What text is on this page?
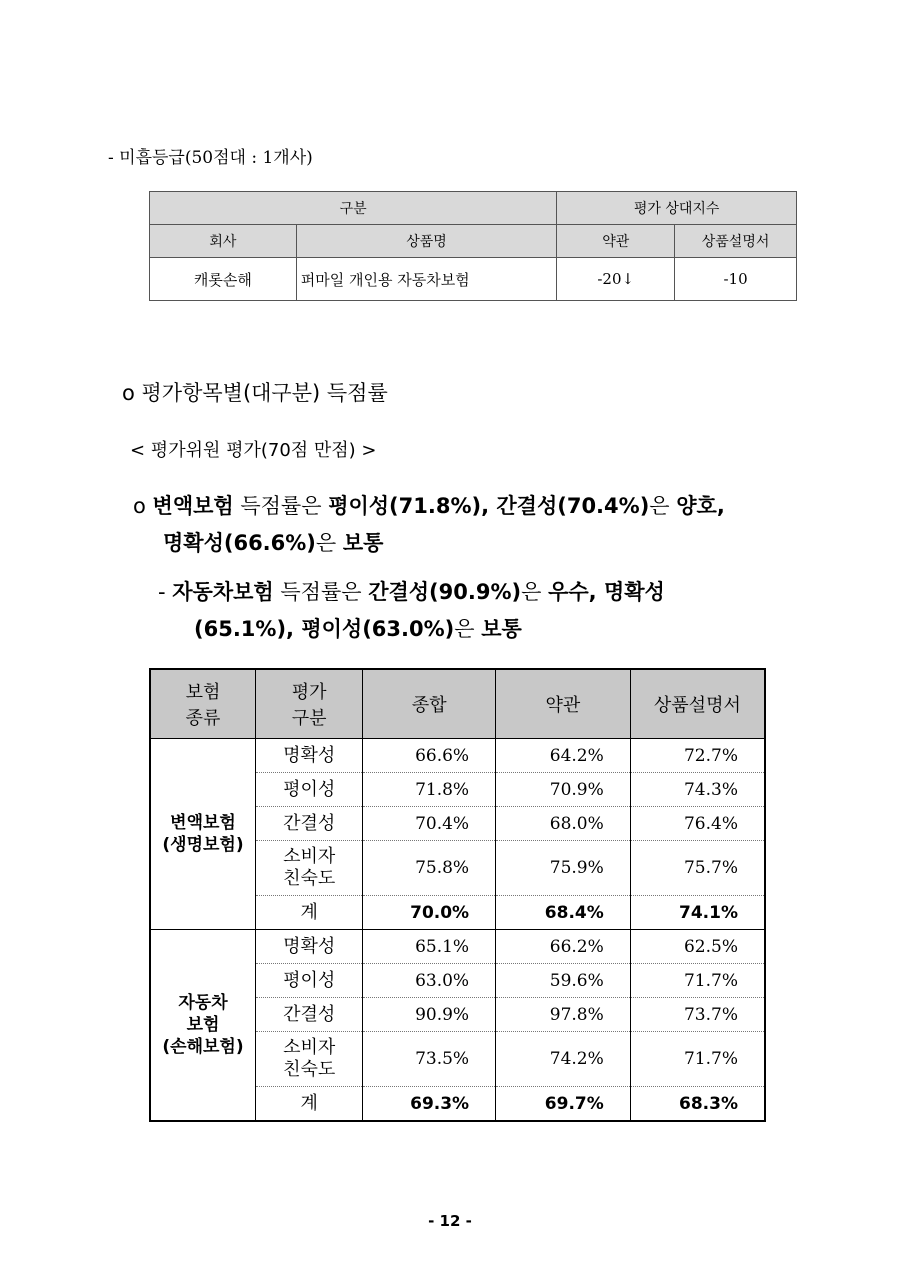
- 미흡등급(50점대 : 1개사)
구분		평가 상대지수	
회사	상품명	약관	상품설명서
캐롯손해	퍼마일 개인용 자동차보험	-20↓	-10
o 평가항목별(대구분) 득점률
< 평가위원 평가(70점 만점) >
o 변액보험 득점률은 평이성(71.8%), 간결성(70.4%)은 양호,
명확성(66.6%)은 보통
- 자동차보험 득점률은 간결성(90.9%)은 우수, 명확성
(65.1%), 평이성(63.0%)은 보통
보험
종류	평가
구분	종합	약관	상품설명서
변액보험
(생명보험)	명확성	66.6%	64.2%	72.7%
	평이성	71.8%	70.9%	74.3%
	간결성	70.4%	68.0%	76.4%
	소비자
친숙도	75.8%	75.9%	75.7%
	계	70.0%	68.4%	74.1%
자동차
보험
(손해보험)	명확성	65.1%	66.2%	62.5%
	평이성	63.0%	59.6%	71.7%
	간결성	90.9%	97.8%	73.7%
	소비자
친숙도	73.5%	74.2%	71.7%
	계	69.3%	69.7%	68.3%
- 12 -
